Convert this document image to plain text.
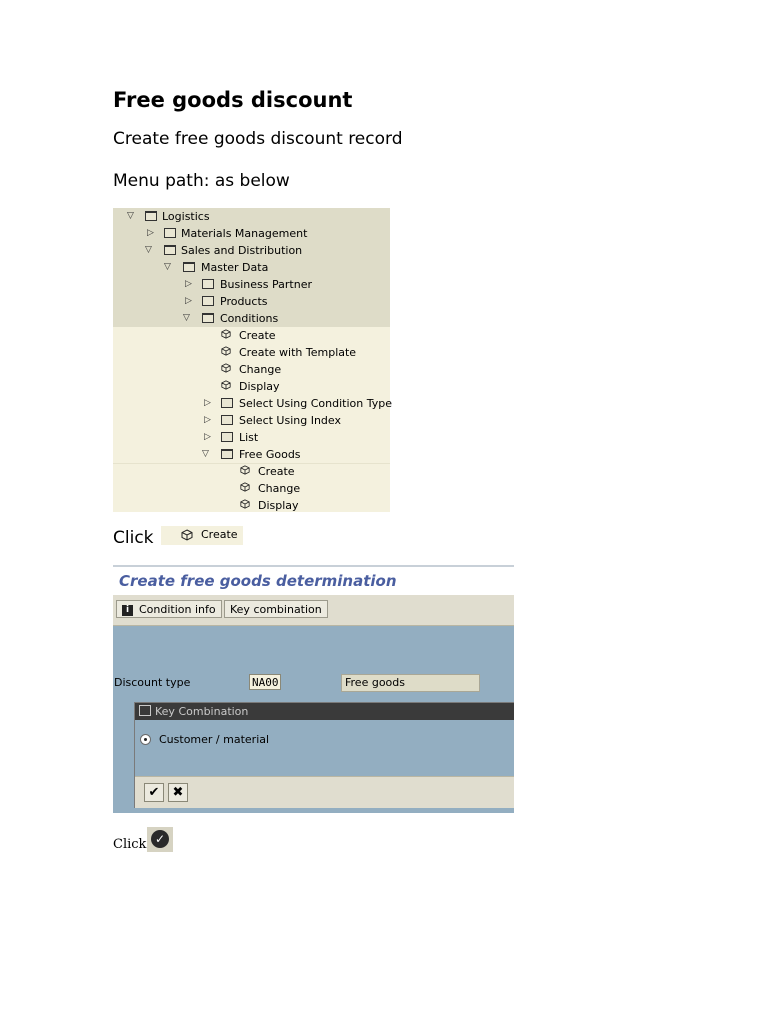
Free goods discount
Create free goods discount record
Menu path: as below
▽	Logistics
▷ Materials Management
▽	Sales and Distribution
▽	Master Data
▷	Business Partner
▷	Products
▽	Conditions
Create
Create with Template
Change
Display
▷	Select Using Condition Type
▷	Select Using Index
▷	List
▽	Free Goods
Create
Change
Display
Click	Create
Create free goods determination
i Condition info	Key combination
Discount type	NA00	Free goods
Key Combination
Customer / material
✔	✖
Click ✓
